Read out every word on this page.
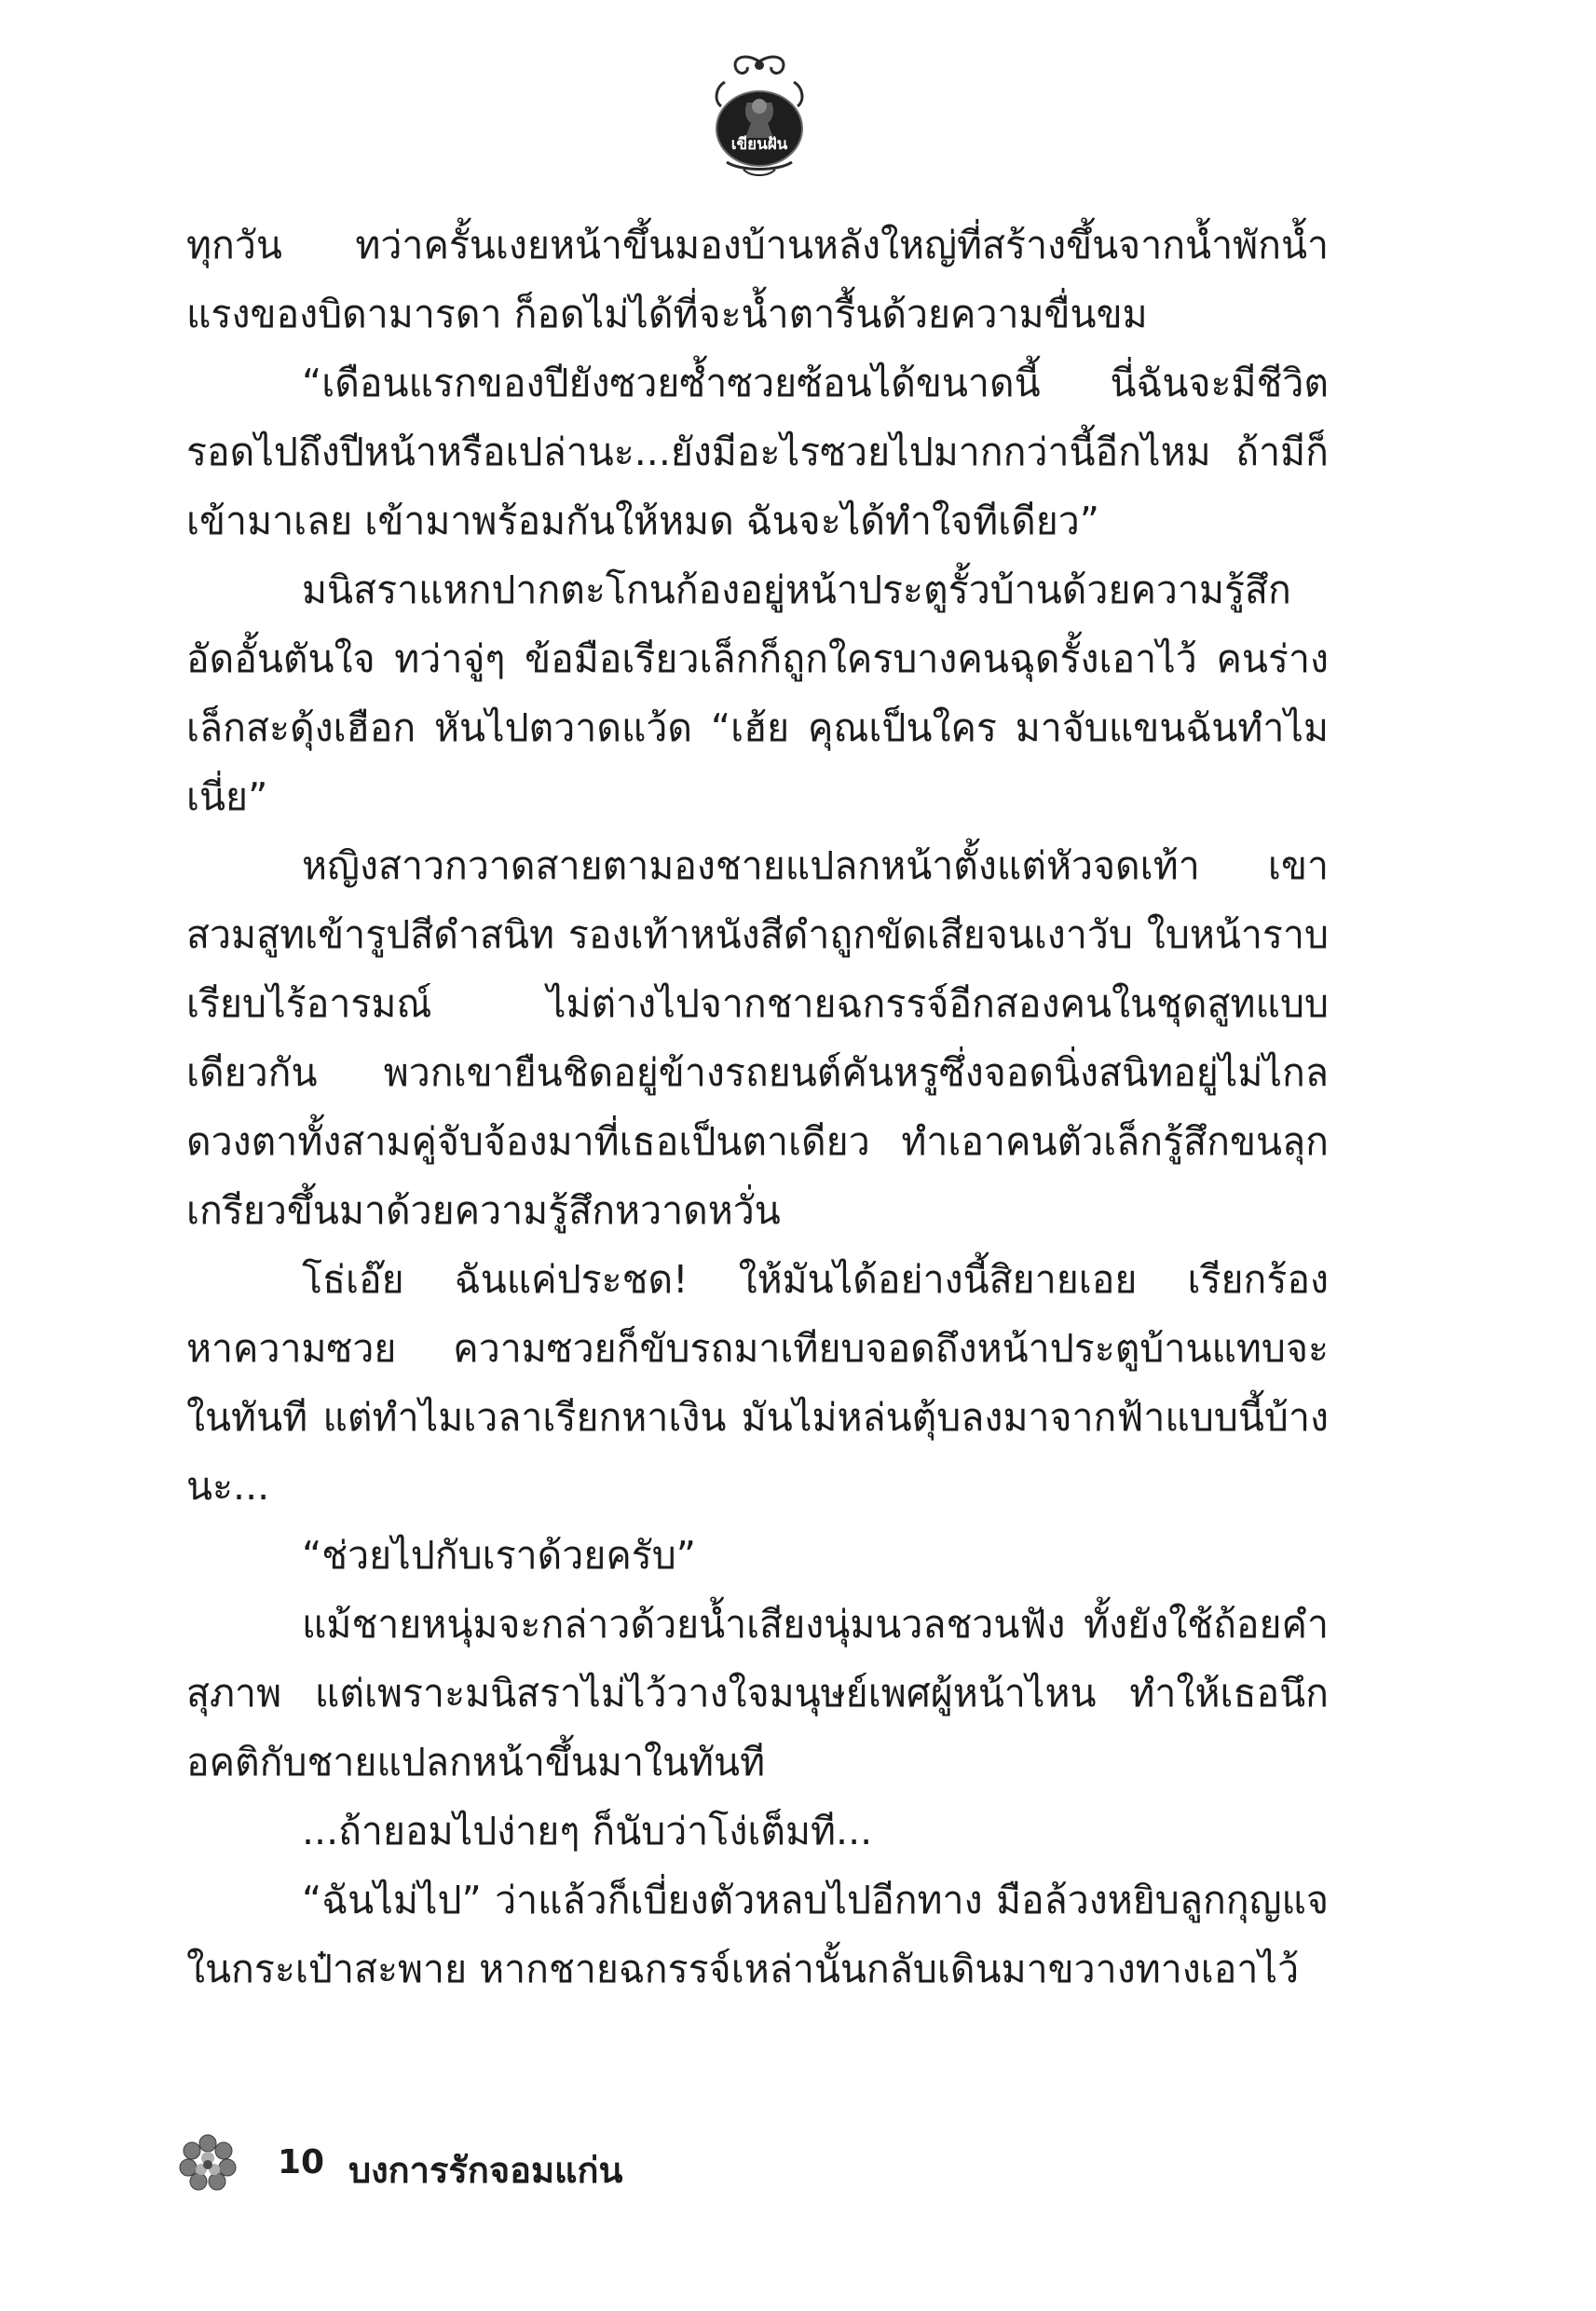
เขียนฝัน

ทุกวัน ทว่าครั้นเงยหน้าขึ้นมองบ้านหลังใหญ่ที่สร้างขึ้นจากน้ำพักน้ำแรงของบิดามารดา ก็อดไม่ได้ที่จะน้ำตารื้นด้วยความขื่นขม

“เดือนแรกของปียังซวยซ้ำซวยซ้อนได้ขนาดนี้ นี่ฉันจะมีชีวิตรอดไปถึงปีหน้าหรือเปล่านะ...ยังมีอะไรซวยไปมากกว่านี้อีกไหม ถ้ามีก็เข้ามาเลย เข้ามาพร้อมกันให้หมด ฉันจะได้ทำใจทีเดียว”

มนิสราแหกปากตะโกนก้องอยู่หน้าประตูรั้วบ้านด้วยความรู้สึกอัดอั้นตันใจ ทว่าจู่ๆ ข้อมือเรียวเล็กก็ถูกใครบางคนฉุดรั้งเอาไว้ คนร่างเล็กสะดุ้งเฮือก หันไปตวาดแว้ด “เฮ้ย คุณเป็นใคร มาจับแขนฉันทำไมเนี่ย”

หญิงสาวกวาดสายตามองชายแปลกหน้าตั้งแต่หัวจดเท้า เขาสวมสูทเข้ารูปสีดำสนิท รองเท้าหนังสีดำถูกขัดเสียจนเงาวับ ใบหน้าราบเรียบไร้อารมณ์ ไม่ต่างไปจากชายฉกรรจ์อีกสองคนในชุดสูทแบบเดียวกัน พวกเขายืนชิดอยู่ข้างรถยนต์คันหรูซึ่งจอดนิ่งสนิทอยู่ไม่ไกล ดวงตาทั้งสามคู่จับจ้องมาที่เธอเป็นตาเดียว ทำเอาคนตัวเล็กรู้สึกขนลุกเกรียวขึ้นมาด้วยความรู้สึกหวาดหวั่น

โธ่เอ๊ย ฉันแค่ประชด! ให้มันได้อย่างนี้สิยายเอย เรียกร้องหาความซวย ความซวยก็ขับรถมาเทียบจอดถึงหน้าประตูบ้านแทบจะในทันที แต่ทำไมเวลาเรียกหาเงิน มันไม่หล่นตุ้บลงมาจากฟ้าแบบนี้บ้างนะ...

“ช่วยไปกับเราด้วยครับ”

แม้ชายหนุ่มจะกล่าวด้วยน้ำเสียงนุ่มนวลชวนฟัง ทั้งยังใช้ถ้อยคำสุภาพ แต่เพราะมนิสราไม่ไว้วางใจมนุษย์เพศผู้หน้าไหน ทำให้เธอนึกอคติกับชายแปลกหน้าขึ้นมาในทันที

...ถ้ายอมไปง่ายๆ ก็นับว่าโง่เต็มที...

“ฉันไม่ไป” ว่าแล้วก็เบี่ยงตัวหลบไปอีกทาง มือล้วงหยิบลูกกุญแจในกระเป๋าสะพาย หากชายฉกรรจ์เหล่านั้นกลับเดินมาขวางทางเอาไว้

10 บงการรักจอมแก่น
